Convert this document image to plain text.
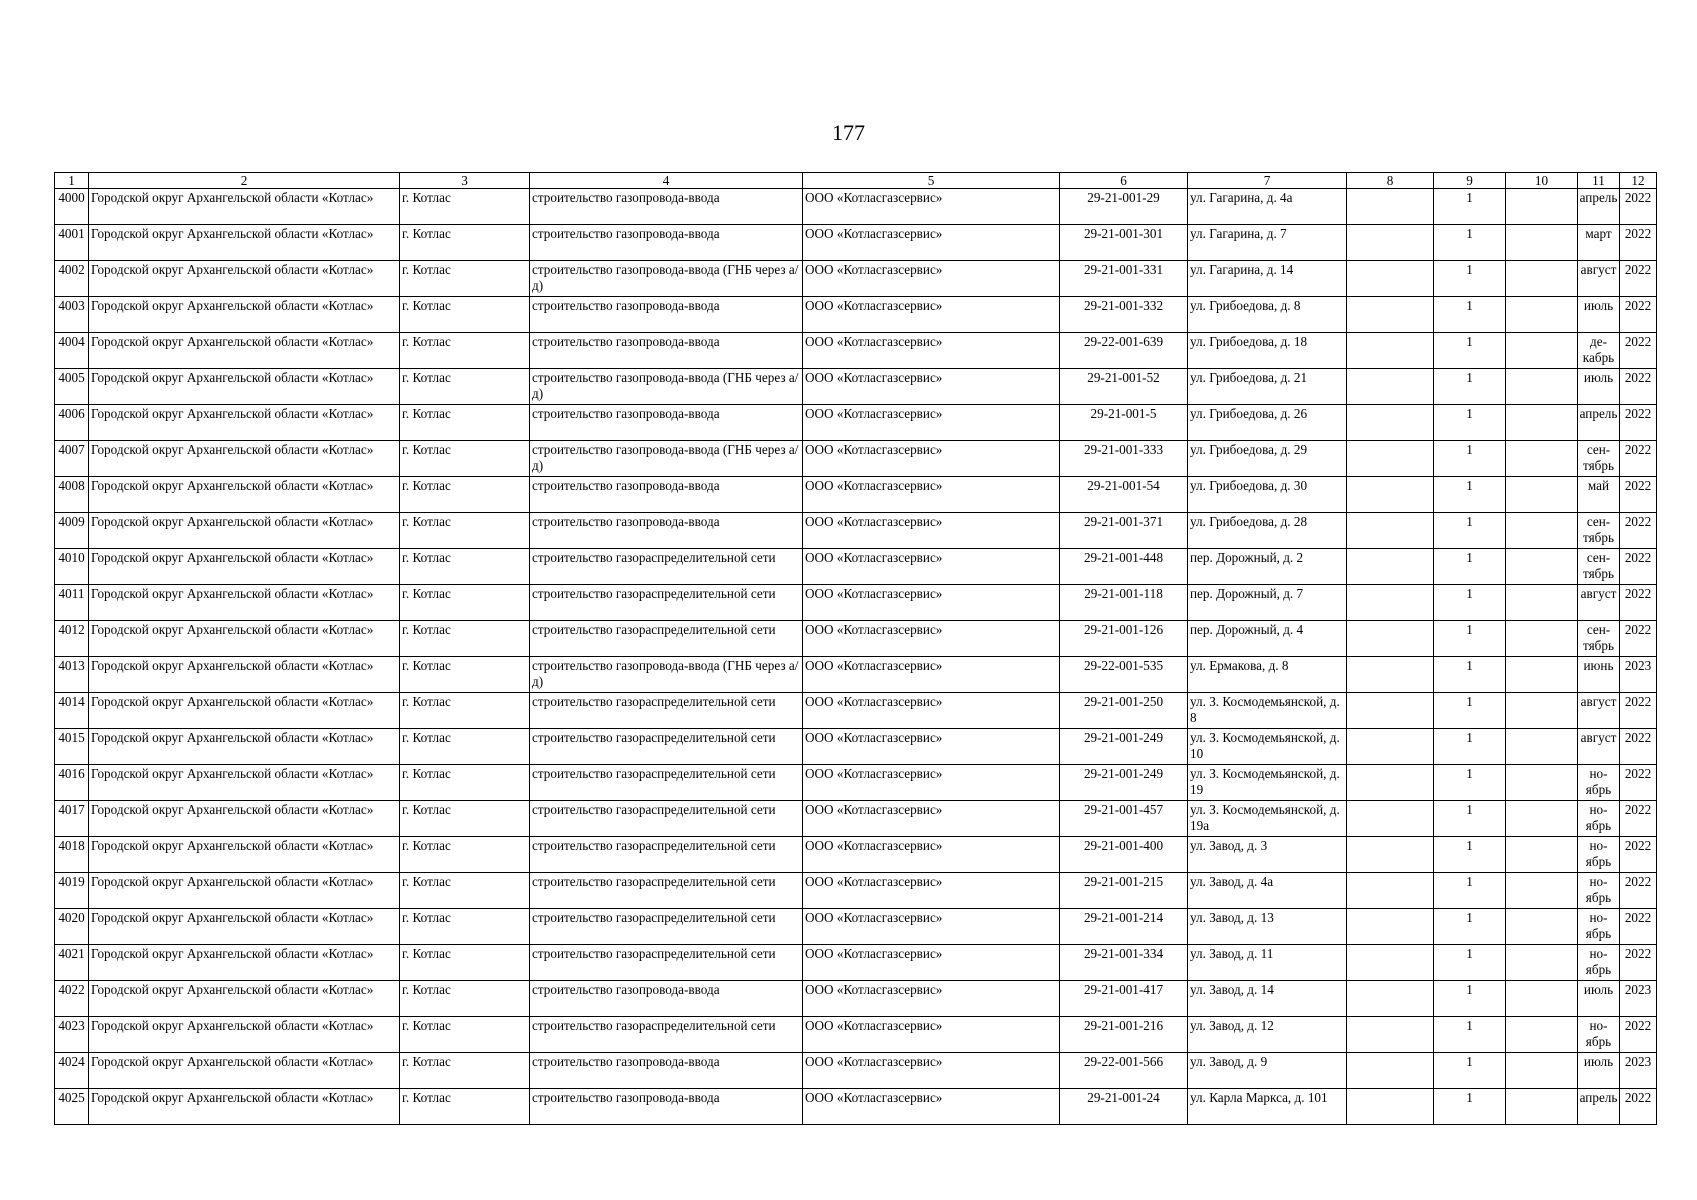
177
1	2	3	4	5	6	7	8	9	10	11	12
4000	Городской округ Архангельской области «Котлас»	г. Котлас	строительство газопровода-ввода	ООО «Котласгазсервис»	29-21-001-29	ул. Гагарина, д. 4а		1		апрель	2022
4001	Городской округ Архангельской области «Котлас»	г. Котлас	строительство газопровода-ввода	ООО «Котласгазсервис»	29-21-001-301	ул. Гагарина, д. 7		1		март	2022
4002	Городской округ Архангельской области «Котлас»	г. Котлас	строительство газопровода-ввода (ГНБ через а/д)	ООО «Котласгазсервис»	29-21-001-331	ул. Гагарина, д. 14		1		август	2022
4003	Городской округ Архангельской области «Котлас»	г. Котлас	строительство газопровода-ввода	ООО «Котласгазсервис»	29-21-001-332	ул. Грибоедова, д. 8		1		июль	2022
4004	Городской округ Архангельской области «Котлас»	г. Котлас	строительство газопровода-ввода	ООО «Котласгазсервис»	29-22-001-639	ул. Грибоедова, д. 18		1		де-кабрь	2022
4005	Городской округ Архангельской области «Котлас»	г. Котлас	строительство газопровода-ввода (ГНБ через а/д)	ООО «Котласгазсервис»	29-21-001-52	ул. Грибоедова, д. 21		1		июль	2022
4006	Городской округ Архангельской области «Котлас»	г. Котлас	строительство газопровода-ввода	ООО «Котласгазсервис»	29-21-001-5	ул. Грибоедова, д. 26		1		апрель	2022
4007	Городской округ Архангельской области «Котлас»	г. Котлас	строительство газопровода-ввода (ГНБ через а/д)	ООО «Котласгазсервис»	29-21-001-333	ул. Грибоедова, д. 29		1		сен-тябрь	2022
4008	Городской округ Архангельской области «Котлас»	г. Котлас	строительство газопровода-ввода	ООО «Котласгазсервис»	29-21-001-54	ул. Грибоедова, д. 30		1		май	2022
4009	Городской округ Архангельской области «Котлас»	г. Котлас	строительство газопровода-ввода	ООО «Котласгазсервис»	29-21-001-371	ул. Грибоедова, д. 28		1		сен-тябрь	2022
4010	Городской округ Архангельской области «Котлас»	г. Котлас	строительство газораспределительной сети	ООО «Котласгазсервис»	29-21-001-448	пер. Дорожный, д. 2		1		сен-тябрь	2022
4011	Городской округ Архангельской области «Котлас»	г. Котлас	строительство газораспределительной сети	ООО «Котласгазсервис»	29-21-001-118	пер. Дорожный, д. 7		1		август	2022
4012	Городской округ Архангельской области «Котлас»	г. Котлас	строительство газораспределительной сети	ООО «Котласгазсервис»	29-21-001-126	пер. Дорожный, д. 4		1		сен-тябрь	2022
4013	Городской округ Архангельской области «Котлас»	г. Котлас	строительство газопровода-ввода (ГНБ через а/д)	ООО «Котласгазсервис»	29-22-001-535	ул. Ермакова, д. 8		1		июнь	2023
4014	Городской округ Архангельской области «Котлас»	г. Котлас	строительство газораспределительной сети	ООО «Котласгазсервис»	29-21-001-250	ул. З. Космодемьянской, д. 8		1		август	2022
4015	Городской округ Архангельской области «Котлас»	г. Котлас	строительство газораспределительной сети	ООО «Котласгазсервис»	29-21-001-249	ул. З. Космодемьянской, д. 10		1		август	2022
4016	Городской округ Архангельской области «Котлас»	г. Котлас	строительство газораспределительной сети	ООО «Котласгазсервис»	29-21-001-249	ул. З. Космодемьянской, д. 19		1		но-ябрь	2022
4017	Городской округ Архангельской области «Котлас»	г. Котлас	строительство газораспределительной сети	ООО «Котласгазсервис»	29-21-001-457	ул. З. Космодемьянской, д. 19а		1		но-ябрь	2022
4018	Городской округ Архангельской области «Котлас»	г. Котлас	строительство газораспределительной сети	ООО «Котласгазсервис»	29-21-001-400	ул. Завод, д. 3		1		но-ябрь	2022
4019	Городской округ Архангельской области «Котлас»	г. Котлас	строительство газораспределительной сети	ООО «Котласгазсервис»	29-21-001-215	ул. Завод, д. 4а		1		но-ябрь	2022
4020	Городской округ Архангельской области «Котлас»	г. Котлас	строительство газораспределительной сети	ООО «Котласгазсервис»	29-21-001-214	ул. Завод, д. 13		1		но-ябрь	2022
4021	Городской округ Архангельской области «Котлас»	г. Котлас	строительство газораспределительной сети	ООО «Котласгазсервис»	29-21-001-334	ул. Завод, д. 11		1		но-ябрь	2022
4022	Городской округ Архангельской области «Котлас»	г. Котлас	строительство газопровода-ввода	ООО «Котласгазсервис»	29-21-001-417	ул. Завод, д. 14		1		июль	2023
4023	Городской округ Архангельской области «Котлас»	г. Котлас	строительство газораспределительной сети	ООО «Котласгазсервис»	29-21-001-216	ул. Завод, д. 12		1		но-ябрь	2022
4024	Городской округ Архангельской области «Котлас»	г. Котлас	строительство газопровода-ввода	ООО «Котласгазсервис»	29-22-001-566	ул. Завод, д. 9		1		июль	2023
4025	Городской округ Архангельской области «Котлас»	г. Котлас	строительство газопровода-ввода	ООО «Котласгазсервис»	29-21-001-24	ул. Карла Маркса, д. 101		1		апрель	2022
